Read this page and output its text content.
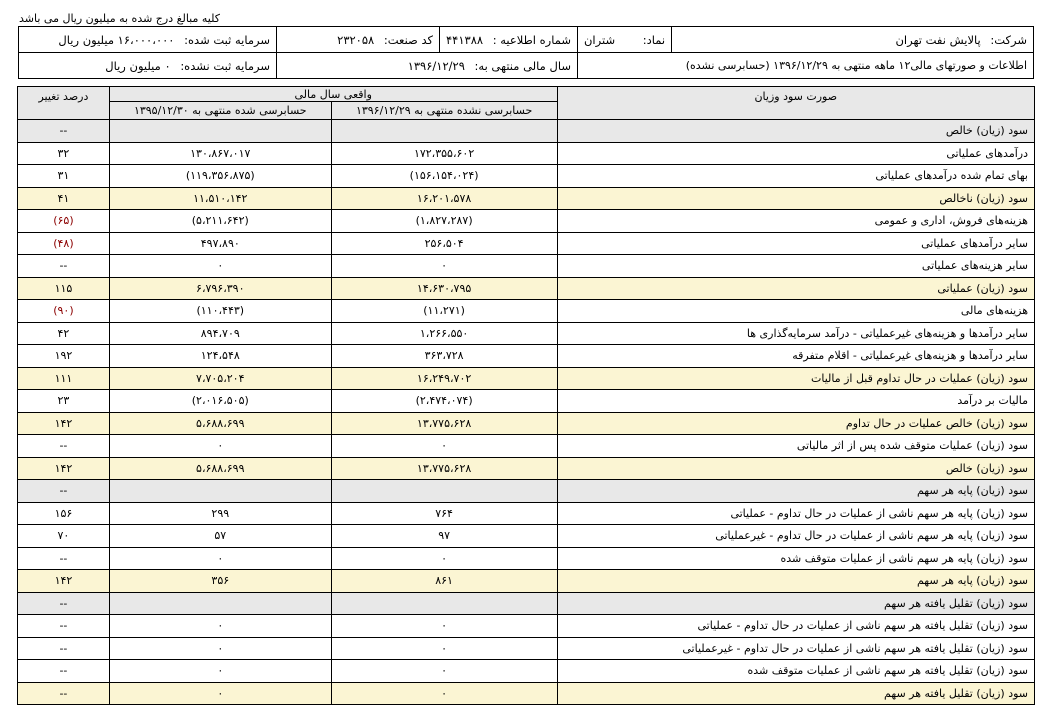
کلیه مبالغ درج شده به میلیون ریال می باشد
سرمایه ثبت شده: ۱۶،۰۰۰،۰۰۰ میلیون ریال	کد صنعت: ۲۳۲۰۵۸	شماره اطلاعیه : ۴۴۱۳۸۸	نماد: شتران	شرکت: پالایش نفت تهران
سرمایه ثبت نشده: ۰ میلیون ریال	سال مالی منتهی به: ۱۳۹۶/۱۲/۲۹		اطلاعات و صورتهای مالی۱۲ ماهه منتهی به ۱۳۹۶/۱۲/۲۹ (حسابرسی نشده)	
درصد تغییر	واقعی سال مالی		صورت سود وزیان
	حسابرسی شده منتهی به ۱۳۹۵/۱۲/۳۰	حسابرسی نشده منتهی به ۱۳۹۶/۱۲/۲۹	
--			سود (زیان) خالص
۳۲	۱۳۰،۸۶۷،۰۱۷	۱۷۲،۳۵۵،۶۰۲	درآمدهای عملیاتی
۳۱	(۱۱۹،۳۵۶،۸۷۵)	(۱۵۶،۱۵۴،۰۲۴)	بهای تمام شده درآمدهای عملیاتی
۴۱	۱۱،۵۱۰،۱۴۲	۱۶،۲۰۱،۵۷۸	سود (زیان) ناخالص
(۶۵)	(۵،۲۱۱،۶۴۲)	(۱،۸۲۷،۲۸۷)	هزینه‌های فروش، اداری و عمومی
(۴۸)	۴۹۷،۸۹۰	۲۵۶،۵۰۴	سایر درآمدهای عملیاتی
--	۰	۰	سایر هزینه‌های عملیاتی
۱۱۵	۶،۷۹۶،۳۹۰	۱۴،۶۳۰،۷۹۵	سود (زیان) عملیاتی
(۹۰)	(۱۱۰،۴۴۳)	(۱۱،۲۷۱)	هزینه‌های مالی
۴۲	۸۹۴،۷۰۹	۱،۲۶۶،۵۵۰	سایر درآمدها و هزینه‌های غیرعملیاتی - درآمد سرمایه‌گذاری ها
۱۹۲	۱۲۴،۵۴۸	۳۶۳،۷۲۸	سایر درآمدها و هزینه‌های غیرعملیاتی - اقلام متفرقه
۱۱۱	۷،۷۰۵،۲۰۴	۱۶،۲۴۹،۷۰۲	سود (زیان) عملیات در حال تداوم قبل از مالیات
۲۳	(۲،۰۱۶،۵۰۵)	(۲،۴۷۴،۰۷۴)	مالیات بر درآمد
۱۴۲	۵،۶۸۸،۶۹۹	۱۳،۷۷۵،۶۲۸	سود (زیان) خالص عملیات در حال تداوم
--	۰	۰	سود (زیان) عملیات متوقف شده پس از اثر مالیاتی
۱۴۲	۵،۶۸۸،۶۹۹	۱۳،۷۷۵،۶۲۸	سود (زیان) خالص
--			سود (زیان) پایه هر سهم
۱۵۶	۲۹۹	۷۶۴	سود (زیان) پایه هر سهم ناشی از عملیات در حال تداوم - عملیاتی
۷۰	۵۷	۹۷	سود (زیان) پایه هر سهم ناشی از عملیات در حال تداوم - غیرعملیاتی
--	۰	۰	سود (زیان) پایه هر سهم ناشی از عملیات متوقف شده
۱۴۲	۳۵۶	۸۶۱	سود (زیان) پایه هر سهم
--			سود (زیان) تقلیل یافته هر سهم
--	۰	۰	سود (زیان) تقلیل یافته هر سهم ناشی از عملیات در حال تداوم - عملیاتی
--	۰	۰	سود (زیان) تقلیل یافته هر سهم ناشی از عملیات در حال تداوم - غیرعملیاتی
--	۰	۰	سود (زیان) تقلیل یافته هر سهم ناشی از عملیات متوقف شده
--	۰	۰	سود (زیان) تقلیل یافته هر سهم
